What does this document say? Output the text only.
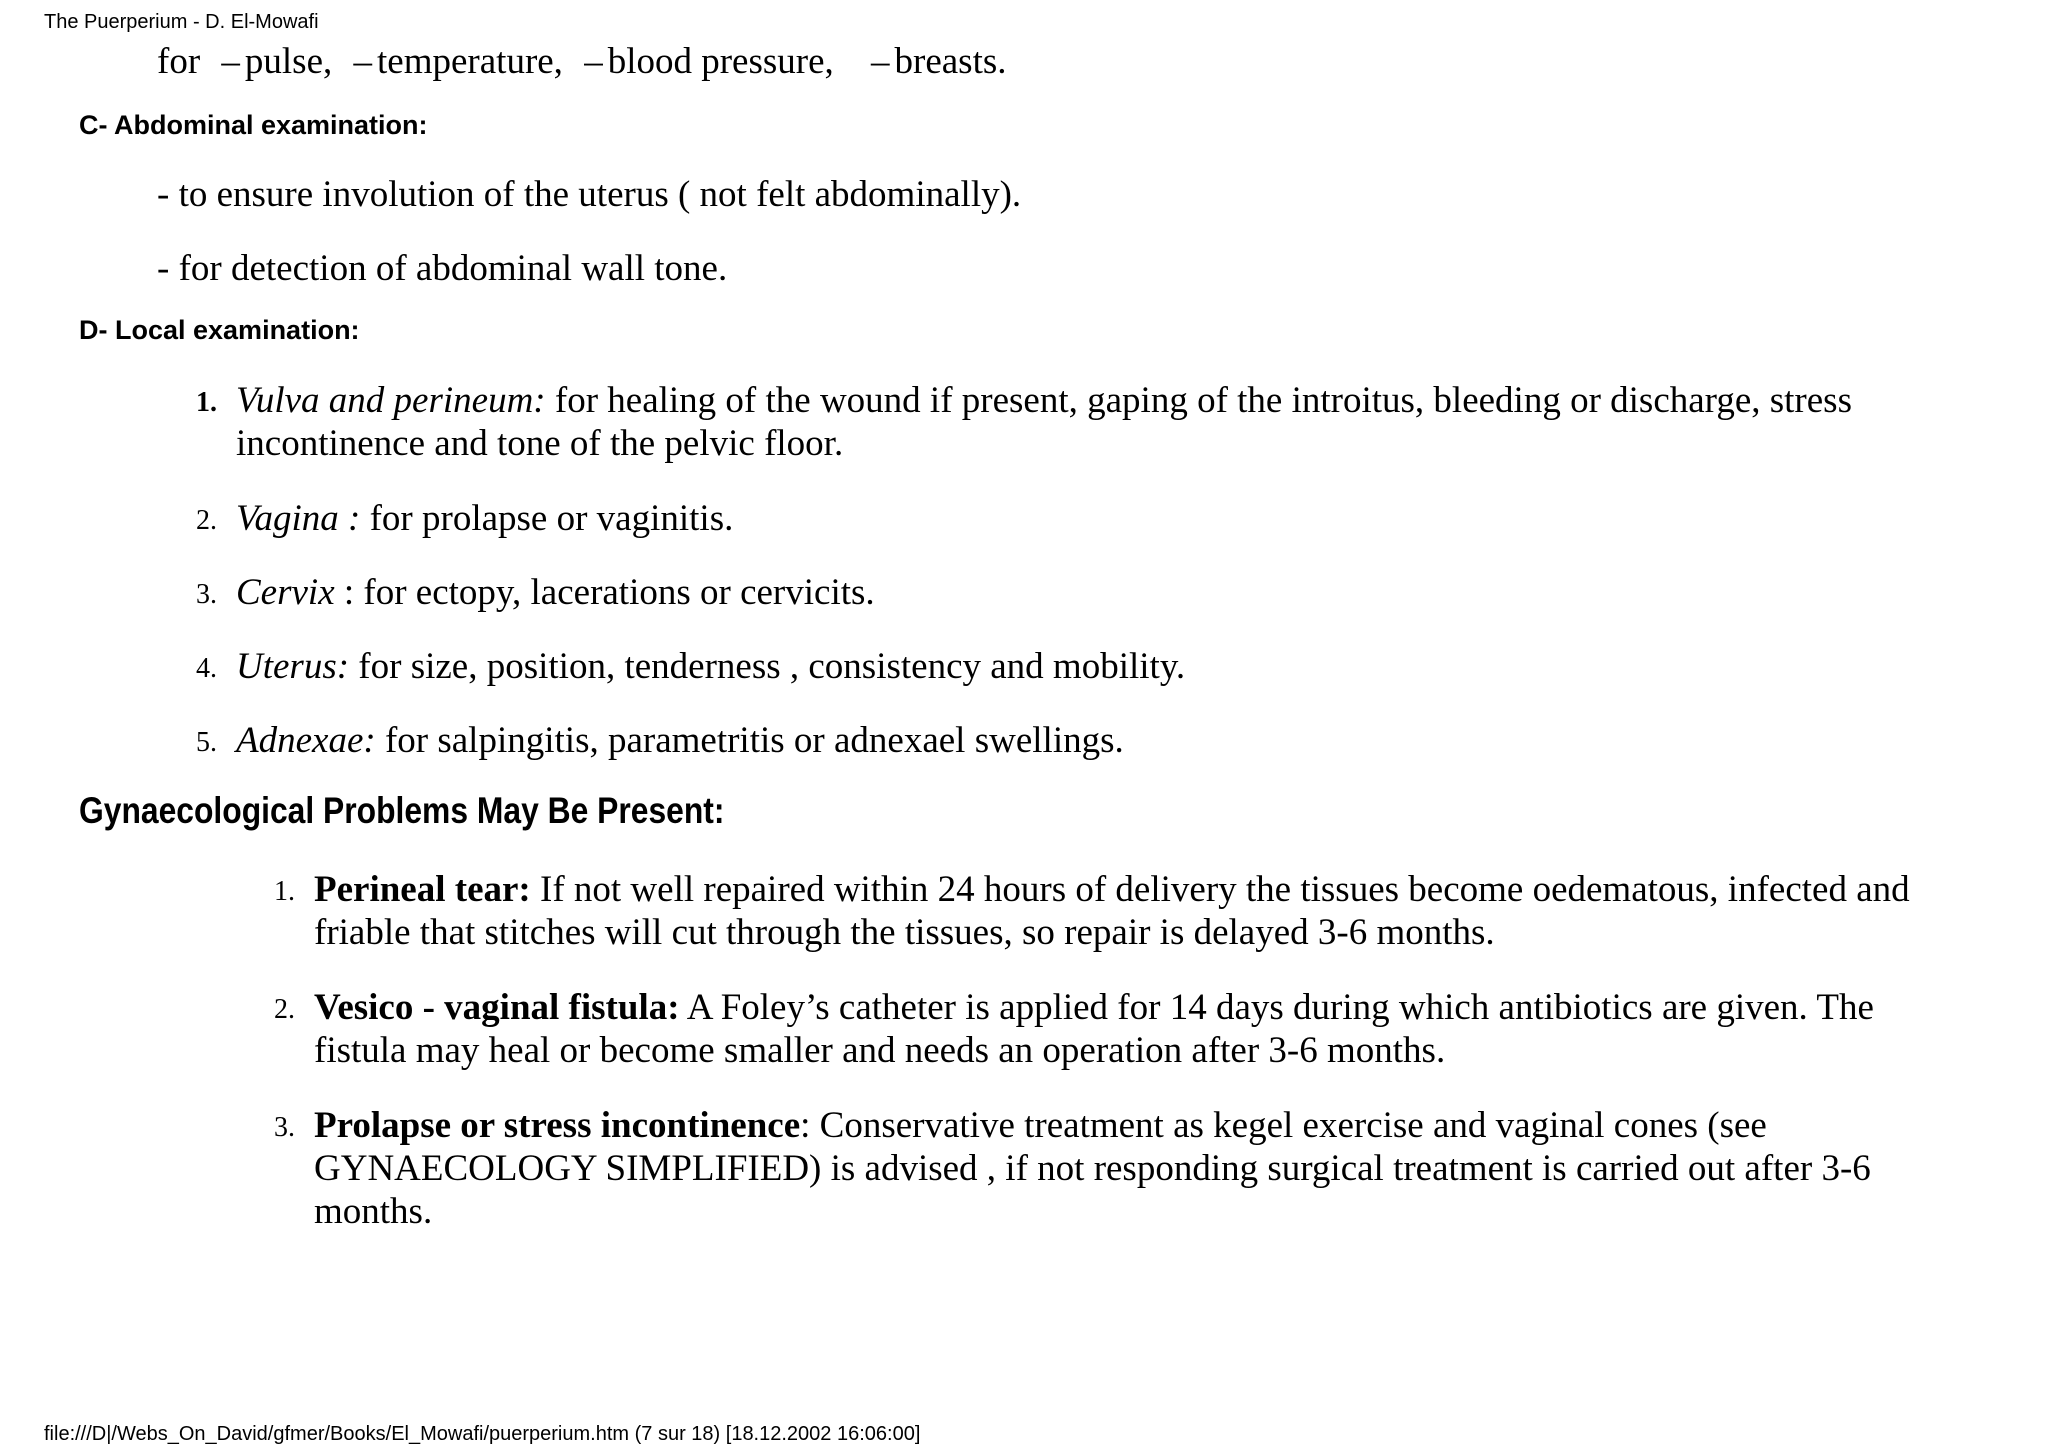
The Puerperium - D. El-Mowafi
for – pulse, – temperature, – blood pressure, – breasts.
C- Abdominal examination:
- to ensure involution of the uterus ( not felt abdominally).
- for detection of abdominal wall tone.
D- Local examination:
1. Vulva and perineum: for healing of the wound if present, gaping of the introitus, bleeding or discharge, stress incontinence and tone of the pelvic floor.
2. Vagina : for prolapse or vaginitis.
3. Cervix : for ectopy, lacerations or cervicits.
4. Uterus: for size, position, tenderness , consistency and mobility.
5. Adnexae: for salpingitis, parametritis or adnexael swellings.
Gynaecological Problems May Be Present:
1. Perineal tear: If not well repaired within 24 hours of delivery the tissues become oedematous, infected and friable that stitches will cut through the tissues, so repair is delayed 3-6 months.
2. Vesico - vaginal fistula: A Foley’s catheter is applied for 14 days during which antibiotics are given. The fistula may heal or become smaller and needs an operation after 3-6 months.
3. Prolapse or stress incontinence: Conservative treatment as kegel exercise and vaginal cones (see GYNAECOLOGY SIMPLIFIED) is advised , if not responding surgical treatment is carried out after 3-6 months.
file:///D|/Webs_On_David/gfmer/Books/El_Mowafi/puerperium.htm (7 sur 18) [18.12.2002 16:06:00]
